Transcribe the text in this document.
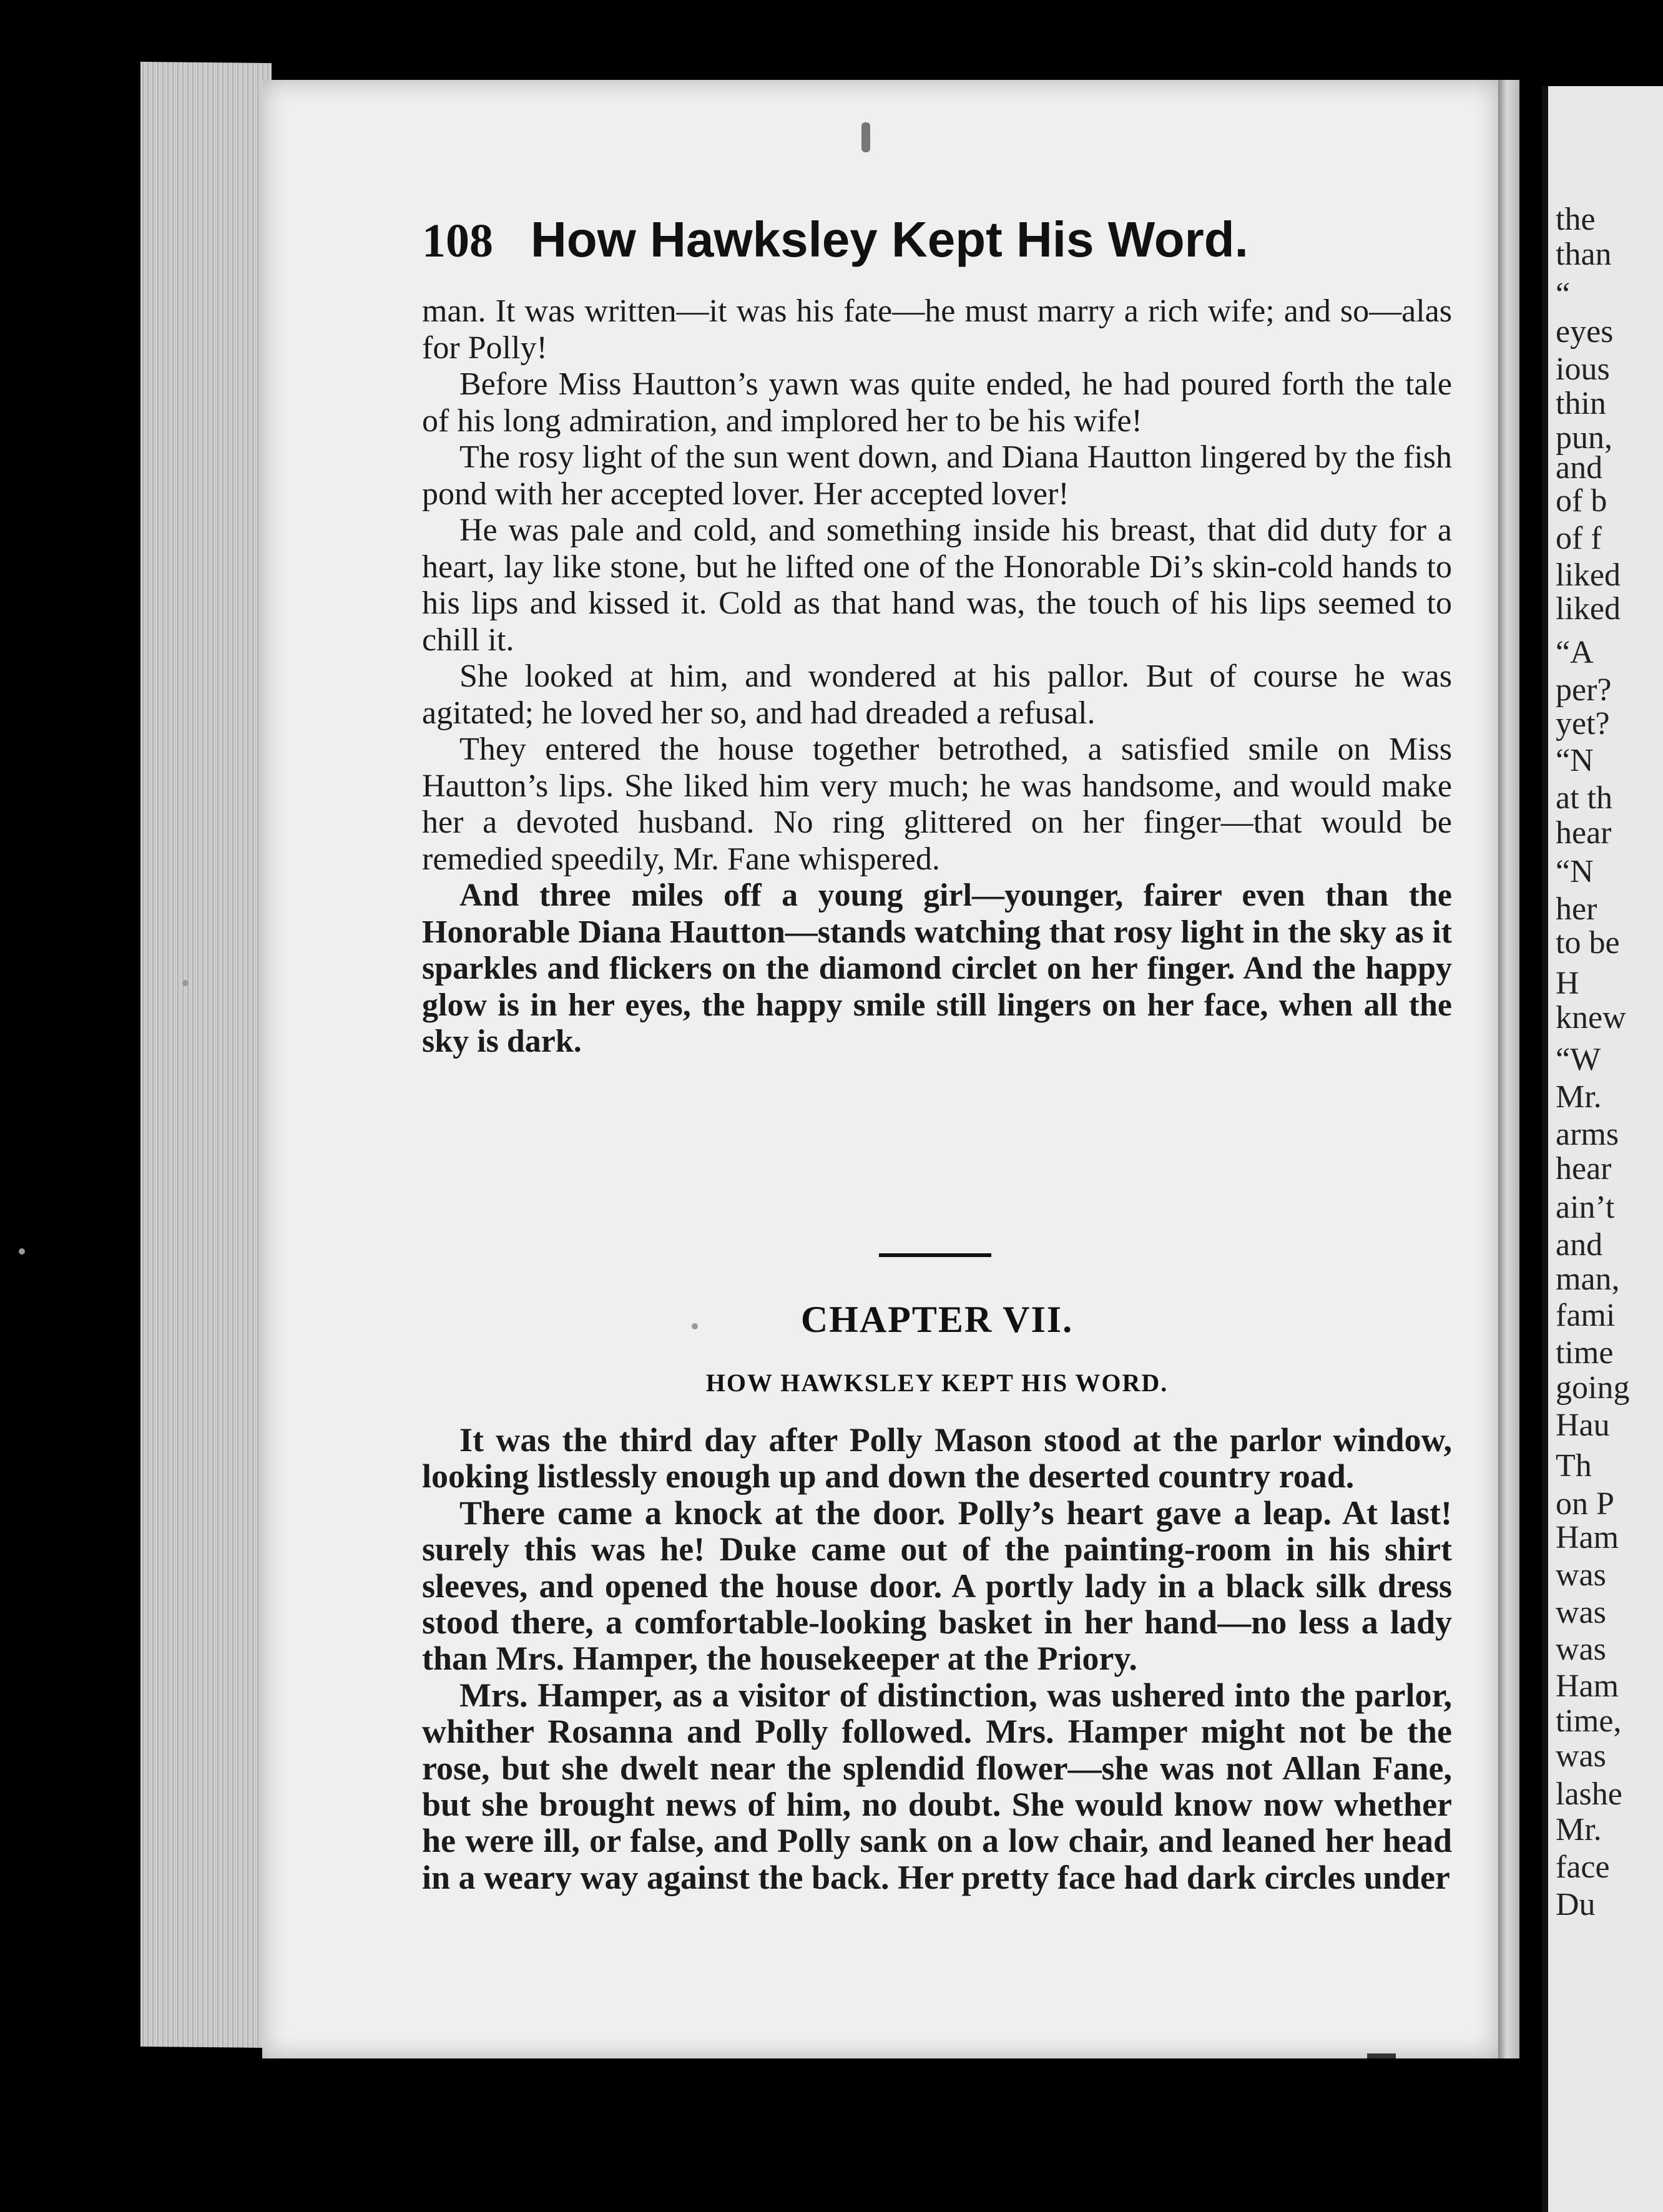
108 How Hawksley Kept His Word.

man. It was written—it was his fate—he must marry a rich wife; and so—alas for Polly!

Before Miss Hautton’s yawn was quite ended, he had poured forth the tale of his long admiration, and implored her to be his wife!

The rosy light of the sun went down, and Diana Hautton lingered by the fish pond with her accepted lover. Her accepted lover!

He was pale and cold, and something inside his breast, that did duty for a heart, lay like stone, but he lifted one of the Honorable Di’s skin-cold hands to his lips and kissed it. Cold as that hand was, the touch of his lips seemed to chill it.

She looked at him, and wondered at his pallor. But of course he was agitated; he loved her so, and had dreaded a refusal.

They entered the house together betrothed, a satisfied smile on Miss Hautton’s lips. She liked him very much; he was handsome, and would make her a devoted husband. No ring glittered on her finger—that would be remedied speedily, Mr. Fane whispered.

And three miles off a young girl—younger, fairer even than the Honorable Diana Hautton—stands watching that rosy light in the sky as it sparkles and flickers on the diamond circlet on her finger. And the happy glow is in her eyes, the happy smile still lingers on her face, when all the sky is dark.

CHAPTER VII.
HOW HAWKSLEY KEPT HIS WORD.

It was the third day after Polly Mason stood at the parlor window, looking listlessly enough up and down the deserted country road.

There came a knock at the door. Polly’s heart gave a leap. At last! surely this was he! Duke came out of the painting-room in his shirt sleeves, and opened the house door. A portly lady in a black silk dress stood there, a comfortable-looking basket in her hand—no less a lady than Mrs. Hamper, the housekeeper at the Priory.

Mrs. Hamper, as a visitor of distinction, was ushered into the parlor, whither Rosanna and Polly followed. Mrs. Hamper might not be the rose, but she dwelt near the splendid flower—she was not Allan Fane, but she brought news of him, no doubt. She would know now whether he were ill, or false, and Polly sank on a low chair, and leaned her head in a weary way against the back. Her pretty face had dark circles under

the
than
“
eyes
ious
thin
pun,
and
of b
of f
liked
liked
“A
per?
yet?
“N
at th
hear
“N
her
to be
H
knew
“W
Mr.
arms
hear
ain’t
and
man,
fami
time
going
Hau
Th
on P
Ham
was
was
was
Ham
time,
was
lashe
Mr.
face
Du
